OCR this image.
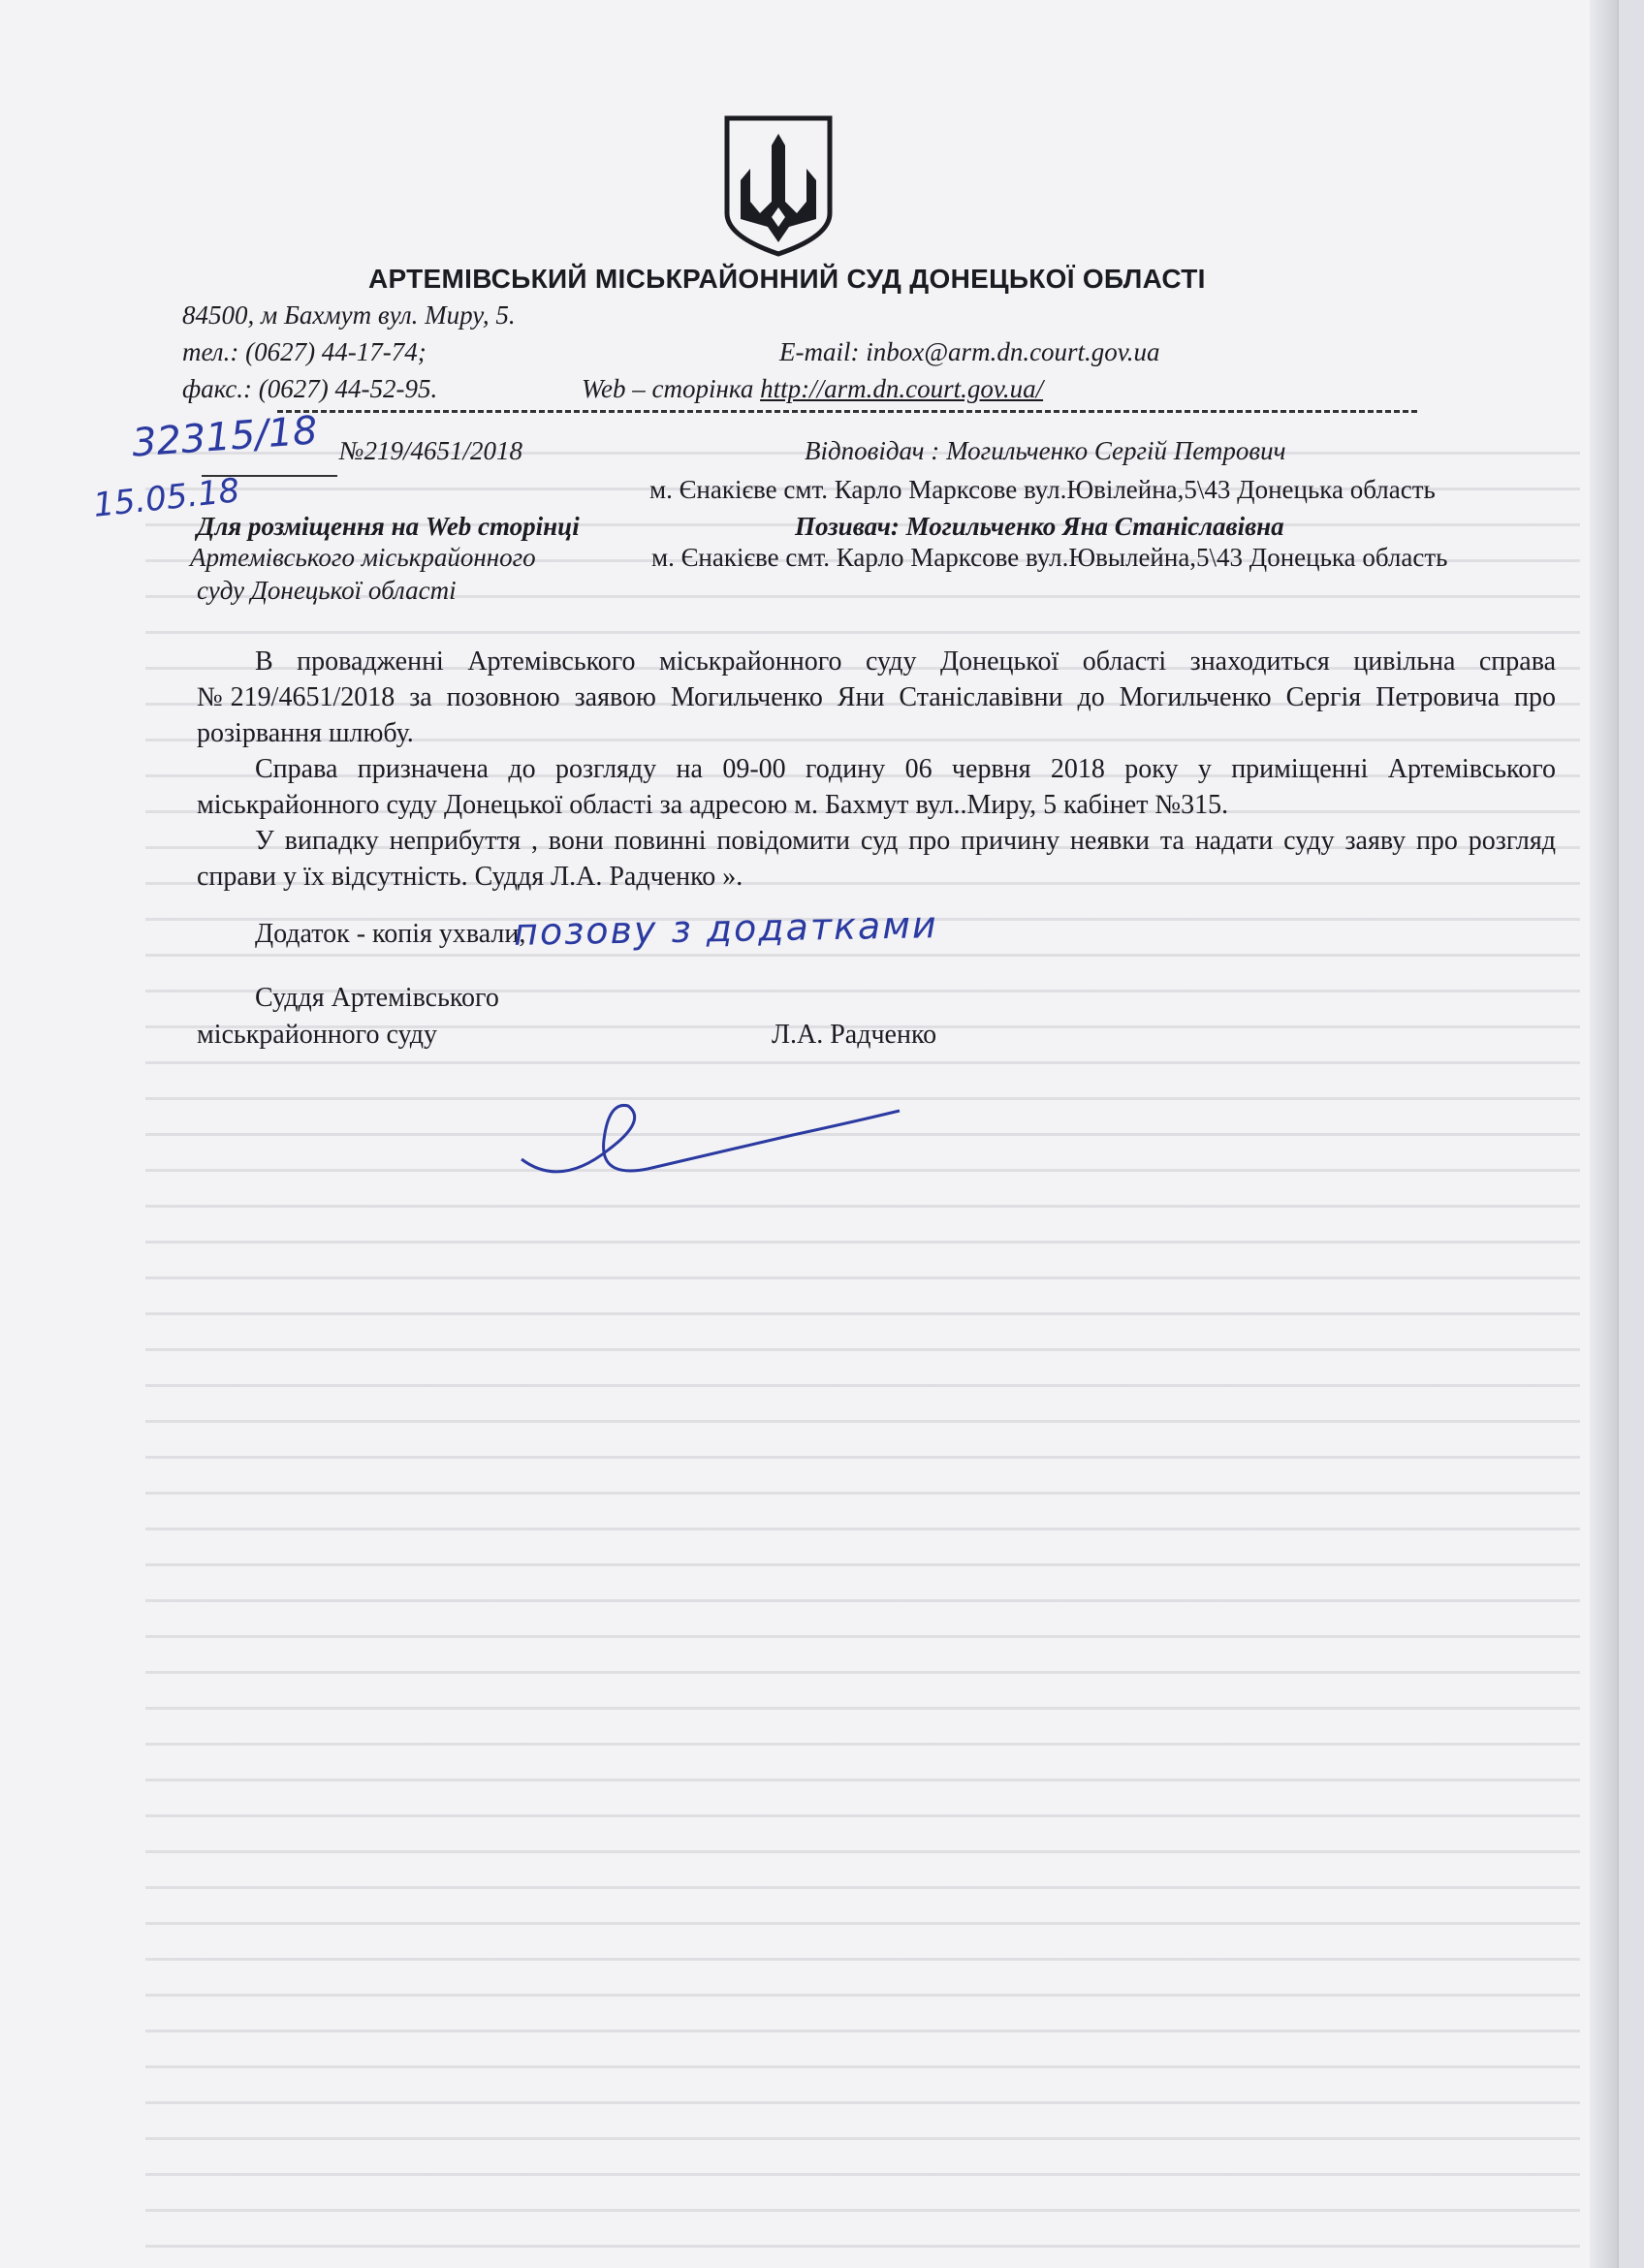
АРТЕМІВСЬКИЙ МІСЬКРАЙОННИЙ СУД ДОНЕЦЬКОЇ ОБЛАСТІ
84500, м Бахмут вул. Миру, 5.
тел.: (0627) 44-17-74;	E-mail: inbox@arm.dn.court.gov.ua
факс.: (0627) 44-52-95.	Web – сторінка http://arm.dn.court.gov.ua/
32315/18
15.05.18
№219/4651/2018	Відповідач : Могильченко Сергій Петрович
м. Єнакієве смт. Карло Марксове вул.Ювілейна,5\43 Донецька область
Для розміщення на Web сторінці	Позивач: Могильченко Яна Станіславівна
Артемівського міськрайонного	м. Єнакієве смт. Карло Марксове вул.Ювылейна,5\43 Донецька область
суду Донецької області

В провадженні Артемівського міськрайонного суду Донецької області знаходиться цивільна справа №219/4651/2018 за позовною заявою Могильченко Яни Станіславівни до Могильченко Сергія Петровича про розірвання шлюбу.

Справа призначена до розгляду на 09-00 годину 06 червня 2018 року у приміщенні Артемівського міськрайонного суду Донецької області за адресою м. Бахмут вул..Миру, 5 кабінет №315.

У випадку неприбуття , вони повинні повідомити суд про причину неявки та надати суду заяву про розгляд справи у їх відсутність. Суддя Л.А. Радченко ».

Додаток - копія ухвали,
позову з додатками
Суддя Артемівського
міськрайонного суду	Л.А. Радченко
